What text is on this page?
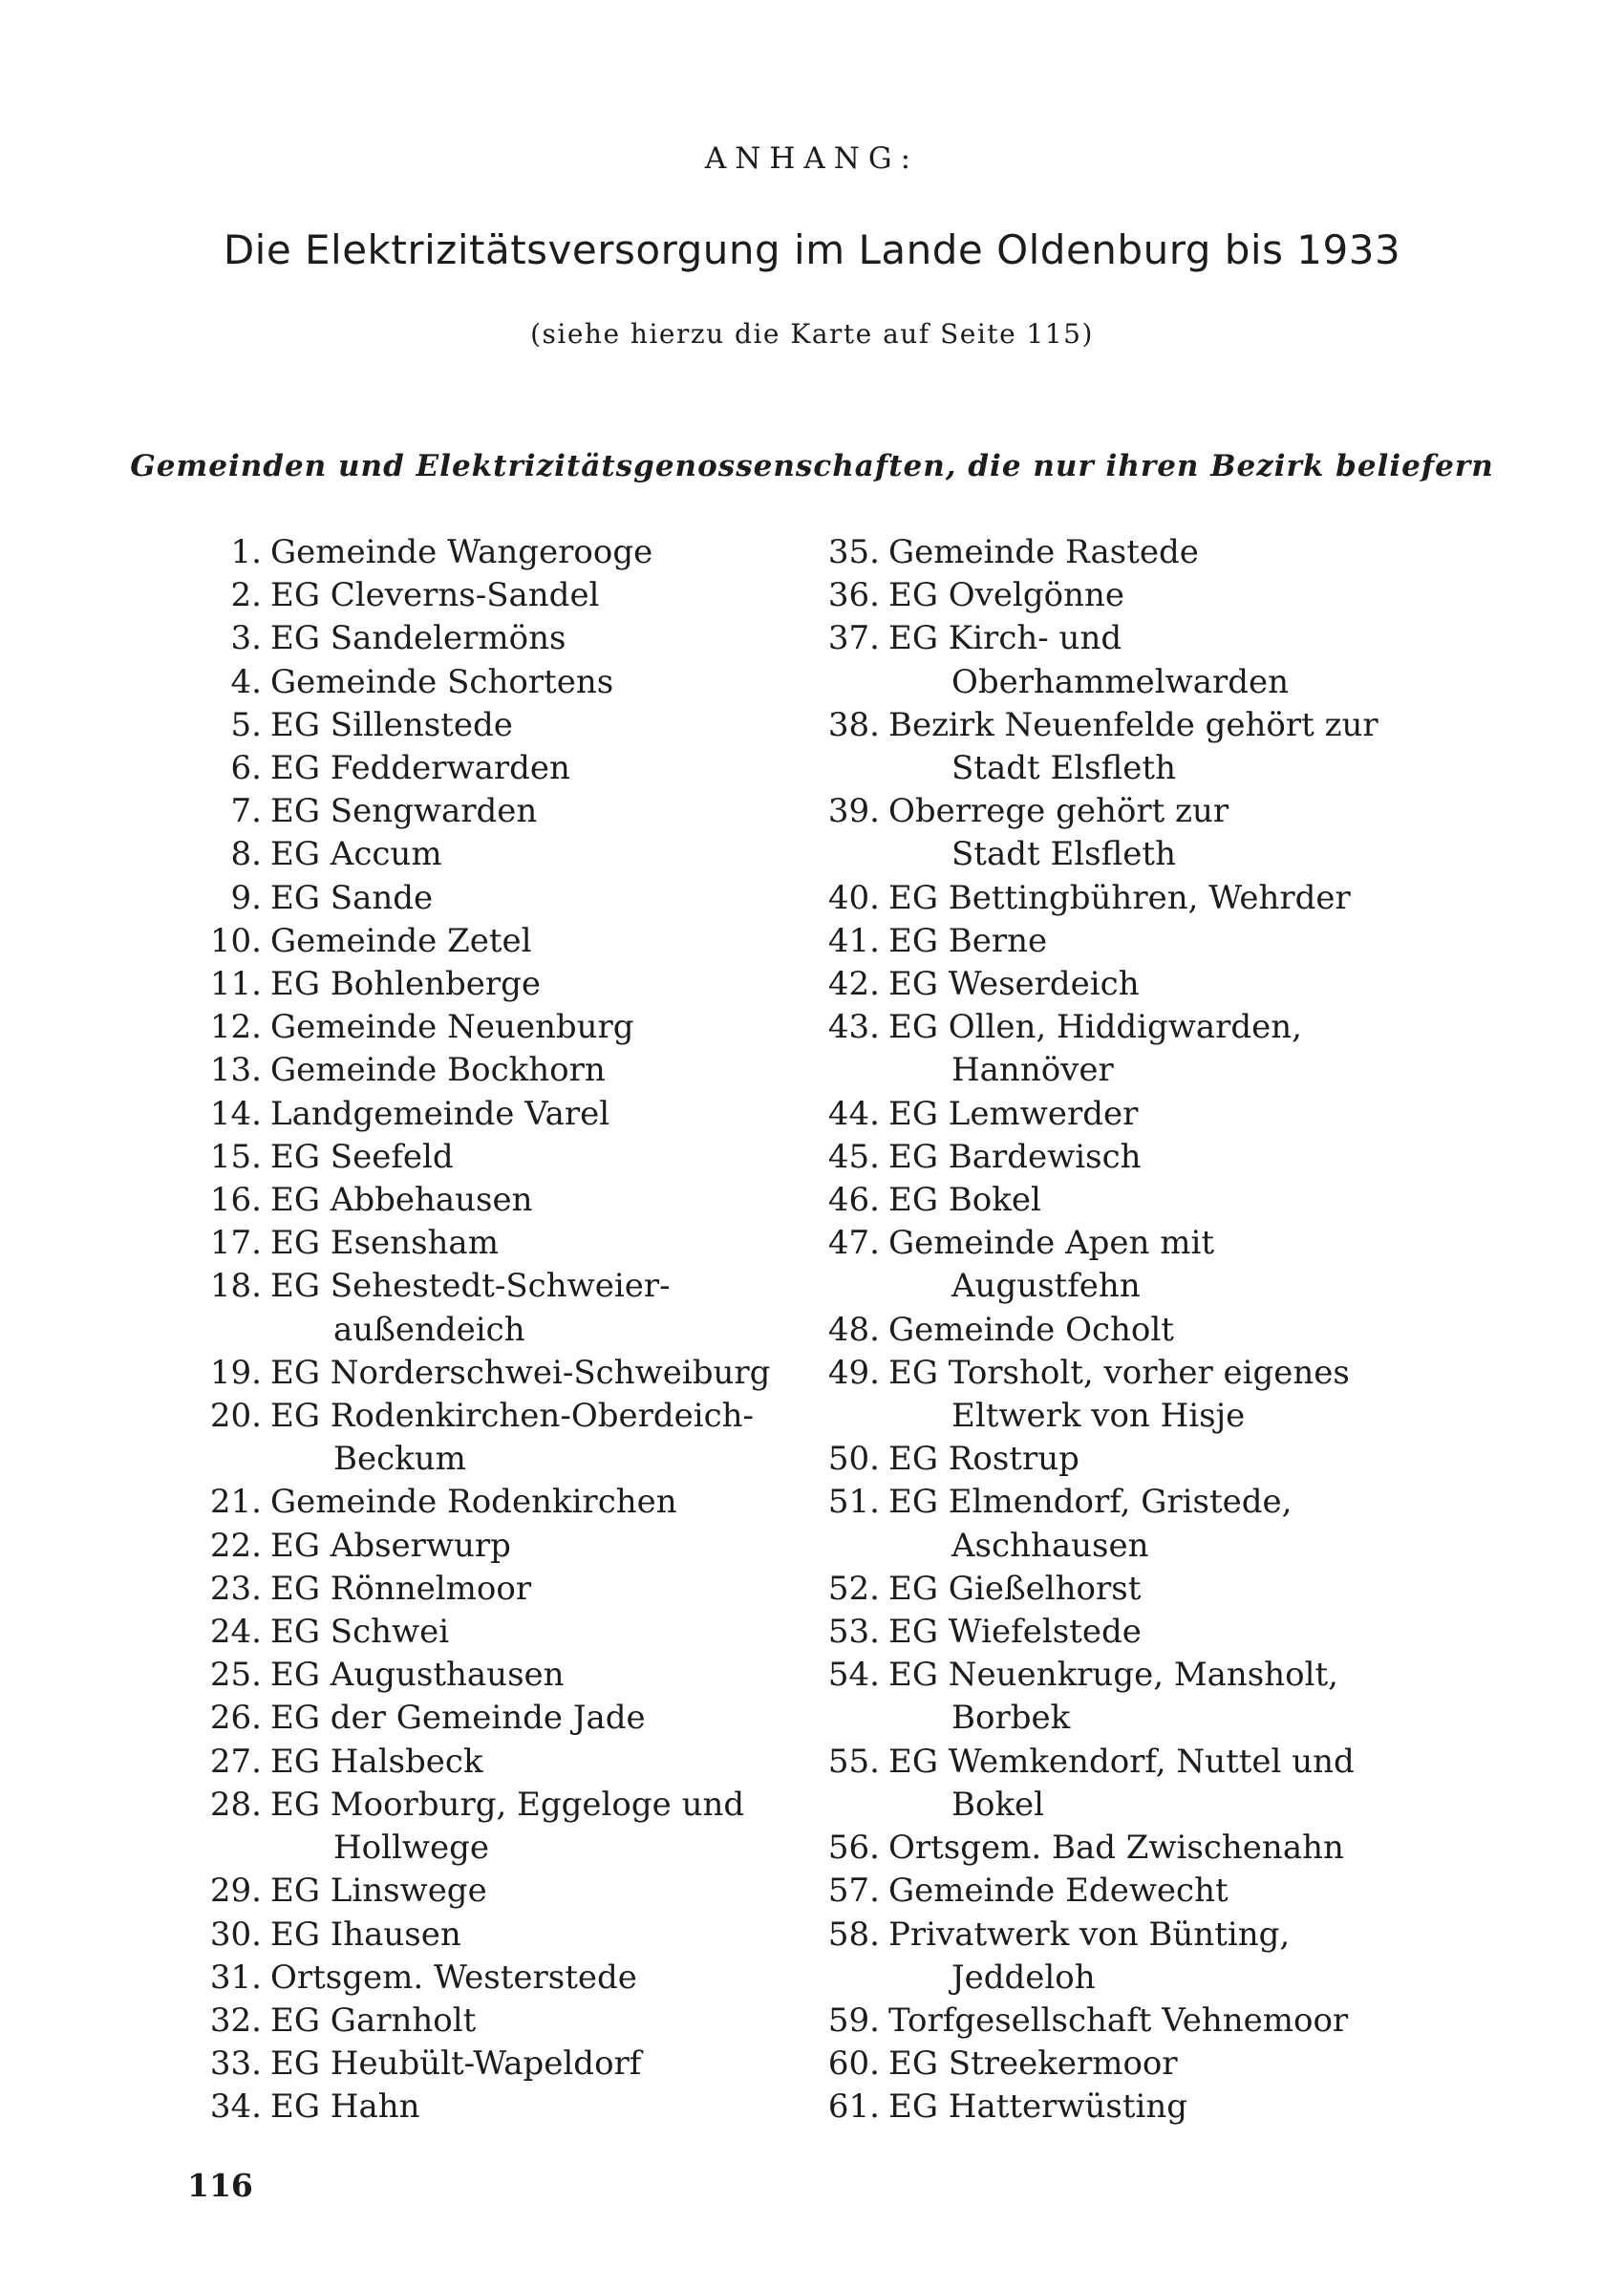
ANHANG:
Die Elektrizitätsversorgung im Lande Oldenburg bis 1933
(siehe hierzu die Karte auf Seite 115)
Gemeinden und Elektrizitätsgenossenschaften, die nur ihren Bezirk beliefern
1. Gemeinde Wangerooge
2. EG Cleverns-Sandel
3. EG Sandelermöns
4. Gemeinde Schortens
5. EG Sillenstede
6. EG Fedderwarden
7. EG Sengwarden
8. EG Accum
9. EG Sande
10. Gemeinde Zetel
11. EG Bohlenberge
12. Gemeinde Neuenburg
13. Gemeinde Bockhorn
14. Landgemeinde Varel
15. EG Seefeld
16. EG Abbehausen
17. EG Esensham
18. EG Sehestedt-Schweier-
außendeich
19. EG Norderschwei-Schweiburg
20. EG Rodenkirchen-Oberdeich-
Beckum
21. Gemeinde Rodenkirchen
22. EG Abserwurp
23. EG Rönnelmoor
24. EG Schwei
25. EG Augusthausen
26. EG der Gemeinde Jade
27. EG Halsbeck
28. EG Moorburg, Eggeloge und
Hollwege
29. EG Linswege
30. EG Ihausen
31. Ortsgem. Westerstede
32. EG Garnholt
33. EG Heubült-Wapeldorf
34. EG Hahn
35. Gemeinde Rastede
36. EG Ovelgönne
37. EG Kirch- und
Oberhammelwarden
38. Bezirk Neuenfelde gehört zur
Stadt Elsfleth
39. Oberrege gehört zur
Stadt Elsfleth
40. EG Bettingbühren, Wehrder
41. EG Berne
42. EG Weserdeich
43. EG Ollen, Hiddigwarden,
Hannöver
44. EG Lemwerder
45. EG Bardewisch
46. EG Bokel
47. Gemeinde Apen mit
Augustfehn
48. Gemeinde Ocholt
49. EG Torsholt, vorher eigenes
Eltwerk von Hisje
50. EG Rostrup
51. EG Elmendorf, Gristede,
Aschhausen
52. EG Gießelhorst
53. EG Wiefelstede
54. EG Neuenkruge, Mansholt,
Borbek
55. EG Wemkendorf, Nuttel und
Bokel
56. Ortsgem. Bad Zwischenahn
57. Gemeinde Edewecht
58. Privatwerk von Bünting,
Jeddeloh
59. Torfgesellschaft Vehnemoor
60. EG Streekermoor
61. EG Hatterwüsting
116
